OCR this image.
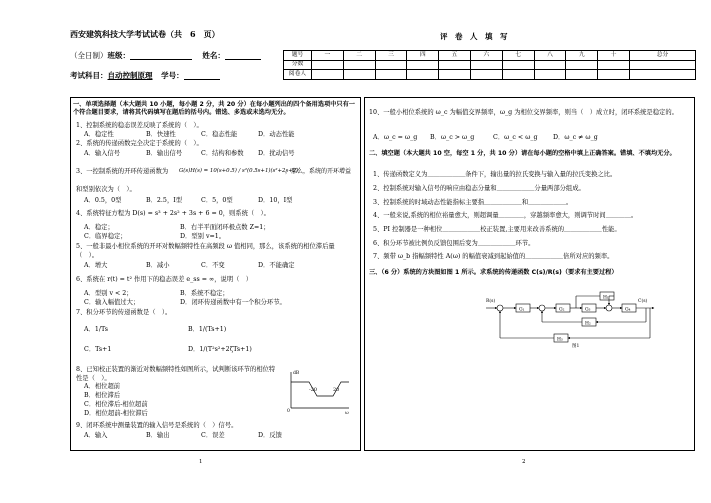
西安建筑科技大学考试试卷（共　6　页）
（全日制）班级：	姓名：
考试科目：自动控制原理 学号：
评　卷　人　填　写
题号	一	二	三	四	五	六	七	八	九	十	总分
分数											
阅卷人											
一、单项选择题（本大题共 10 小题，每小题 2 分，共 20 分）在每小题列出的四个备用选项中只有一个符合题目要求，请将其代码填写在题后的括号内。错选、多选或未选均无分。
1、控制系统的稳态误差反映了系统的（　）。
A．稳定性	B．快速性	C．稳态性能	D．动态性能
2、系统的传递函数完全决定于系统的（　）。
A．输入信号	B．输出信号	C．结构和参数 D．扰动信号
3、一控制系统的开环传递函数为 G(s)H(s) = 10(s+0.5) / s²(0.5s+1)(s²+2s+2)
，那么，系统的开环增益
和型别依次为（　）。
A．0.5，0型	B．2.5，I型	C．5，0型	D．10，I型
4、系统特征方程为 D(s) = s³ + 2s² + 3s + 6 = 0，则系统（　）。
A．稳定；	B．右半平面闭环极点数 Z=1；
C．临界稳定；	D．型别 v=1。
5、一般非最小相位系统的开环对数幅频特性在高频段 ω 值相同，那么，该系统的相位滞后量（　）。
A．增大	B．减小	C．不变	D．不能确定
6、系统在 r(t) = t² 作用下的稳态误差 e_ss = ∞，说明（　）
A．型别 v < 2；	B．系统不稳定；
C．输入幅值过大；	D．闭环传递函数中有一个积分环节。
7、积分环节的传递函数是（　）。
A．1/Ts	B．1/(Ts+1)
C．Ts+1	D．1/(T²s²+2ζTs+1)
8、已知校正装置的渐近对数幅频特性如图所示，试判断该环节的相位特性是（　）。
A．相位超前
B．相位滞后
C．相位滞后-相位超前
D．相位超前-相位滞后
dB
-20	20
0	ω
9、闭环系统中测量装置的输入信号是系统的（　）信号。
A．输入	B．输出	C．误差	D．反馈
10、一般小相位系统的 ω_c 为幅值交界频率，ω_g 为相位交界频率，则当（　）成立时，闭环系统是稳定的。
A．ω_c = ω_g B．ω_c > ω_g	C．ω_c < ω_g D．ω_c ≠ ω_g
二、填空题（本大题共 10 空，每空 1 分，共 10 分）请在每小题的空格中填上正确答案。错填、不填均无分。
1、传递函数定义为＿＿＿＿＿＿条件下，输出量的拉氏变换与输入量的拉氏变换之比。
2、控制系统对输入信号的响应由稳态分量和＿＿＿＿＿＿分量两部分组成。
3、控制系统的时域动态性能指标主要指＿＿＿＿＿＿和＿＿＿＿＿＿。
4、一般来说,系统的相位裕量愈大，则超调量＿＿＿＿，穿越频率愈大，则调节时间＿＿＿＿。
5、PI 控制器是一种相位＿＿＿＿＿＿校正装置,主要用来改善系统的＿＿＿＿＿＿性能。
6、积分环节被比例负反馈包围后变为＿＿＿＿＿＿环节。
7、频带 ω_b 指幅频特性 A(ω) 的幅值衰减到起始值的＿＿＿＿＿＿倍所对应的频率。
三、（6 分）系统的方块图如图 1 所示。求系统的传递函数 C(s)/R(s)（要求有主要过程）
R(s)	C(s)
G₁	G₂	G₃	G₄
H₁
H₂
H₃
图1
1	2
